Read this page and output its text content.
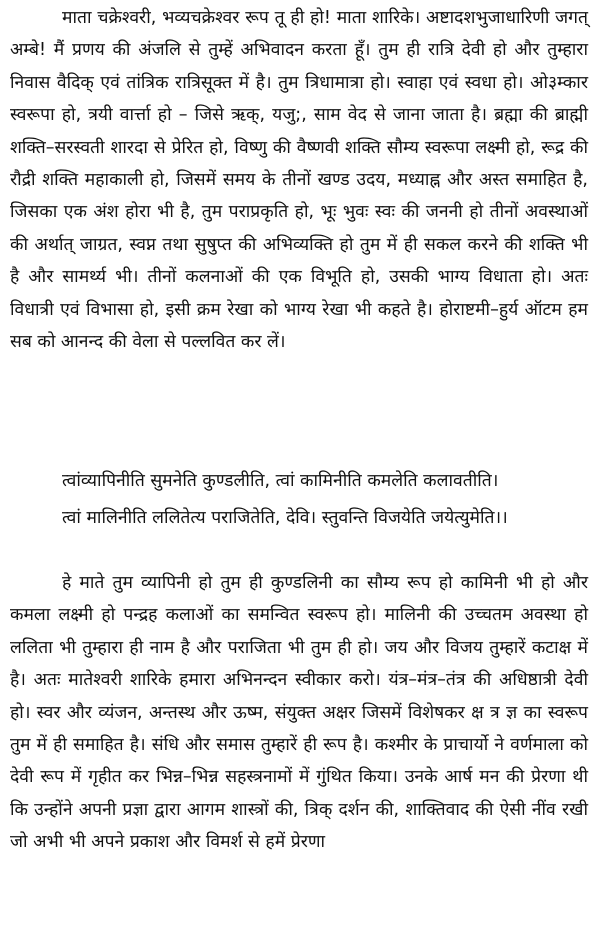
माता चक्रेश्वरी, भव्यचक्रेश्वर रूप तू ही हो! माता शारिके। अष्टादशभुजाधारिणी जगत् अम्बे! मैं प्रणय की अंजलि से तुम्हें अभिवादन करता हूँ। तुम ही रात्रि देवी हो और तुम्हारा निवास वैदिक् एवं तांत्रिक रात्रिसूक्त में है। तुम त्रिधामात्रा हो। स्वाहा एवं स्वधा हो। ओ३म्कार स्वरूपा हो, त्रयी वार्त्ता हो – जिसे ऋक्, यजु;, साम वेद से जाना जाता है। ब्रह्मा की ब्राह्मी शक्ति–सरस्वती शारदा से प्रेरित हो, विष्णु की वैष्णवी शक्ति सौम्य स्वरूपा लक्ष्मी हो, रूद्र की रौद्री शक्ति महाकाली हो, जिसमें समय के तीनों खण्ड उदय, मध्याह्न और अस्त समाहित है, जिसका एक अंश होरा भी है, तुम पराप्रकृति हो, भूः भुवः स्वः की जननी हो तीनों अवस्थाओं की अर्थात् जाग्रत, स्वप्न तथा सुषुप्त की अभिव्यक्ति हो तुम में ही सकल करने की शक्ति भी है और सामर्थ्य भी। तीनों कलनाओं की एक विभूति हो, उसकी भाग्य विधाता हो। अतः विधात्री एवं विभासा हो, इसी क्रम रेखा को भाग्य रेखा भी कहते है। होराष्टमी–हुर्य ऑटम हम सब को आनन्द की वेला से पल्लवित कर लें।

त्वांव्यापिनीति सुमनेति कुण्डलीति, त्वां कामिनीति कमलेति कलावतीति।

त्वां मालिनीति ललितेत्य पराजितेति, देवि। स्तुवन्ति विजयेति जयेत्युमेति।।

हे माते तुम व्यापिनी हो तुम ही कुण्डलिनी का सौम्य रूप हो कामिनी भी हो और कमला लक्ष्मी हो पन्द्रह कलाओं का समन्वित स्वरूप हो। मालिनी की उच्चतम अवस्था हो ललिता भी तुम्हारा ही नाम है और पराजिता भी तुम ही हो। जय और विजय तुम्हारें कटाक्ष में है। अतः मातेश्वरी शारिके हमारा अभिनन्दन स्वीकार करो। यंत्र–मंत्र–तंत्र की अधिष्ठात्री देवी हो। स्वर और व्यंजन, अन्तस्थ और ऊष्म, संयुक्त अक्षर जिसमें विशेषकर क्ष त्र ज्ञ का स्वरूप तुम में ही समाहित है। संधि और समास तुम्हारें ही रूप है। कश्मीर के प्राचार्यो ने वर्णमाला को देवी रूप में गृहीत कर भिन्न–भिन्न सहस्त्रनामों में गुंथित किया। उनके आर्ष मन की प्रेरणा थी कि उन्होंने अपनी प्रज्ञा द्वारा आगम शास्त्रों की, त्रिक् दर्शन की, शाक्तिवाद की ऐसी नींव रखी जो अभी भी अपने प्रकाश और विमर्श से हमें प्रेरणा
